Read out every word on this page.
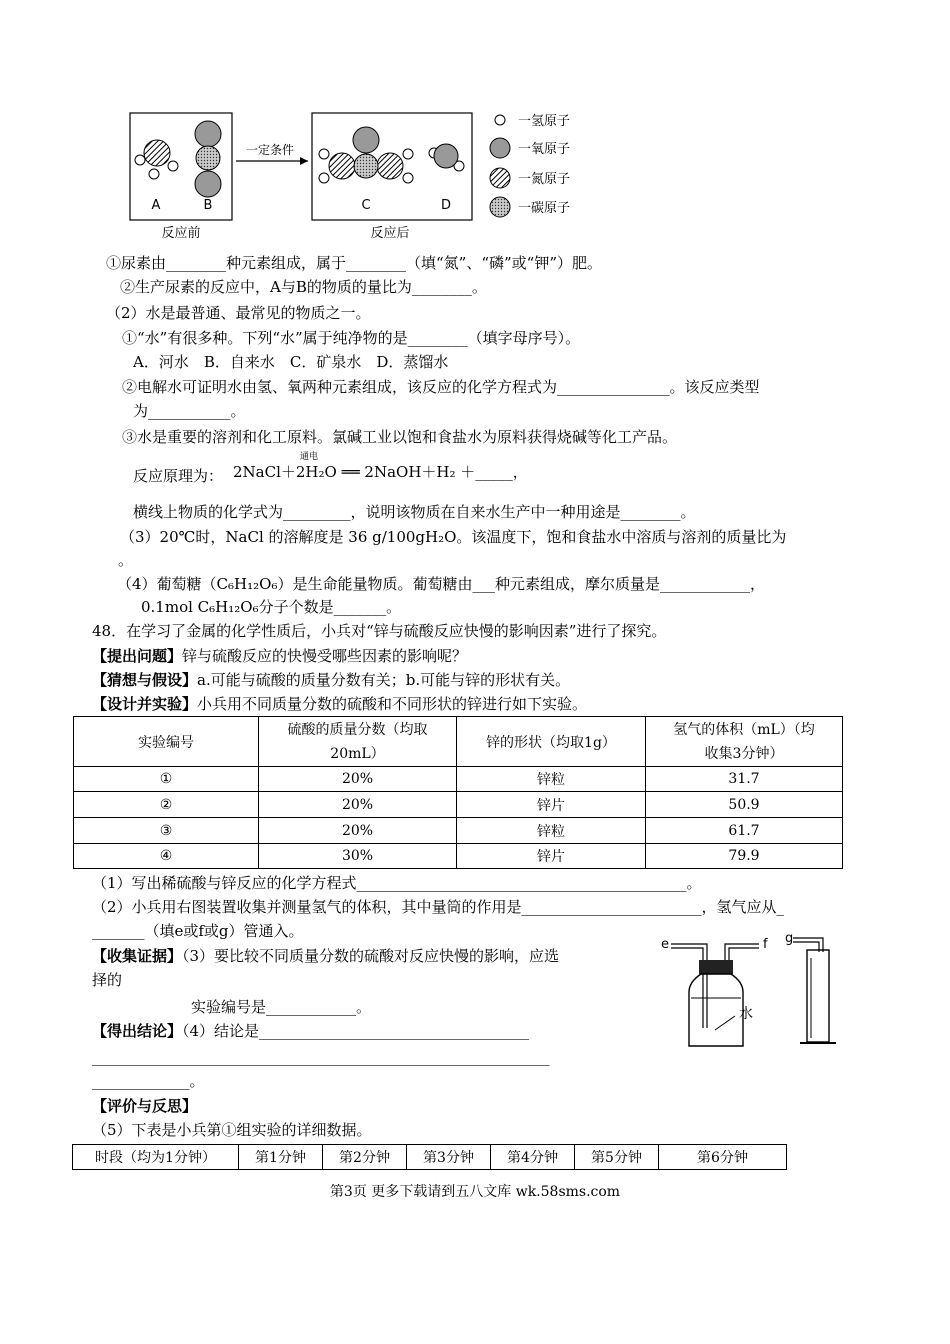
A	B
一定条件
C	D
反应前	反应后
一氢原子
一氧原子
一氮原子
一碳原子
①尿素由________种元素组成，属于________（填“氮”、“磷”或“钾”）肥。
②生产尿素的反应中，A与B的物质的量比为________。
（2）水是最普通、最常见的物质之一。
①“水”有很多种。下列“水”属于纯净物的是________（填字母序号）。
A．河水　B．自来水　C．矿泉水　D．蒸馏水
②电解水可证明水由氢、氧两种元素组成，该反应的化学方程式为_______________。该反应类型
为___________。
③水是重要的溶剂和化工原料。氯碱工业以饱和食盐水为原料获得烧碱等化工产品。
反应原理为：
通电
2NaCl＋2H₂O ══ 2NaOH＋H₂ ＋_____，
横线上物质的化学式为_________，说明该物质在自来水生产中一种用途是________。
（3）20℃时，NaCl 的溶解度是 36 g/100gH₂O。该温度下，饱和食盐水中溶质与溶剂的质量比为
。
（4）葡萄糖（C₆H₁₂O₆）是生命能量物质。葡萄糖由___种元素组成，摩尔质量是____________，
0.1mol C₆H₁₂O₆分子个数是_______。
48．在学习了金属的化学性质后，小兵对“锌与硫酸反应快慢的影响因素”进行了探究。
【提出问题】锌与硫酸反应的快慢受哪些因素的影响呢？
【猜想与假设】a.可能与硫酸的质量分数有关；b.可能与锌的形状有关。
【设计并实验】小兵用不同质量分数的硫酸和不同形状的锌进行如下实验。
实验编号	硫酸的质量分数（均取
20mL）	锌的形状（均取1g）	氢气的体积（mL）（均
收集3分钟）
①	20%	锌粒	31.7
②	20%	锌片	50.9
③	20%	锌粒	61.7
④	30%	锌片	79.9
（1）写出稀硫酸与锌反应的化学方程式____________________________________________。
（2）小兵用右图装置收集并测量氢气的体积，其中量筒的作用是________________________，氢气应从_
_______（填e或f或g）管通入。
【收集证据】（3）要比较不同质量分数的硫酸对反应快慢的影响，应选
择的
实验编号是____________。
【得出结论】（4）结论是____________________________________
_____________________________________________________________
_____________。
【评价与反思】
（5）下表是小兵第①组实验的详细数据。
e	f g
水
时段（均为1分钟）	第1分钟	第2分钟	第3分钟	第4分钟	第5分钟	第6分钟
第3页 更多下载请到五八文库 wk.58sms.com
